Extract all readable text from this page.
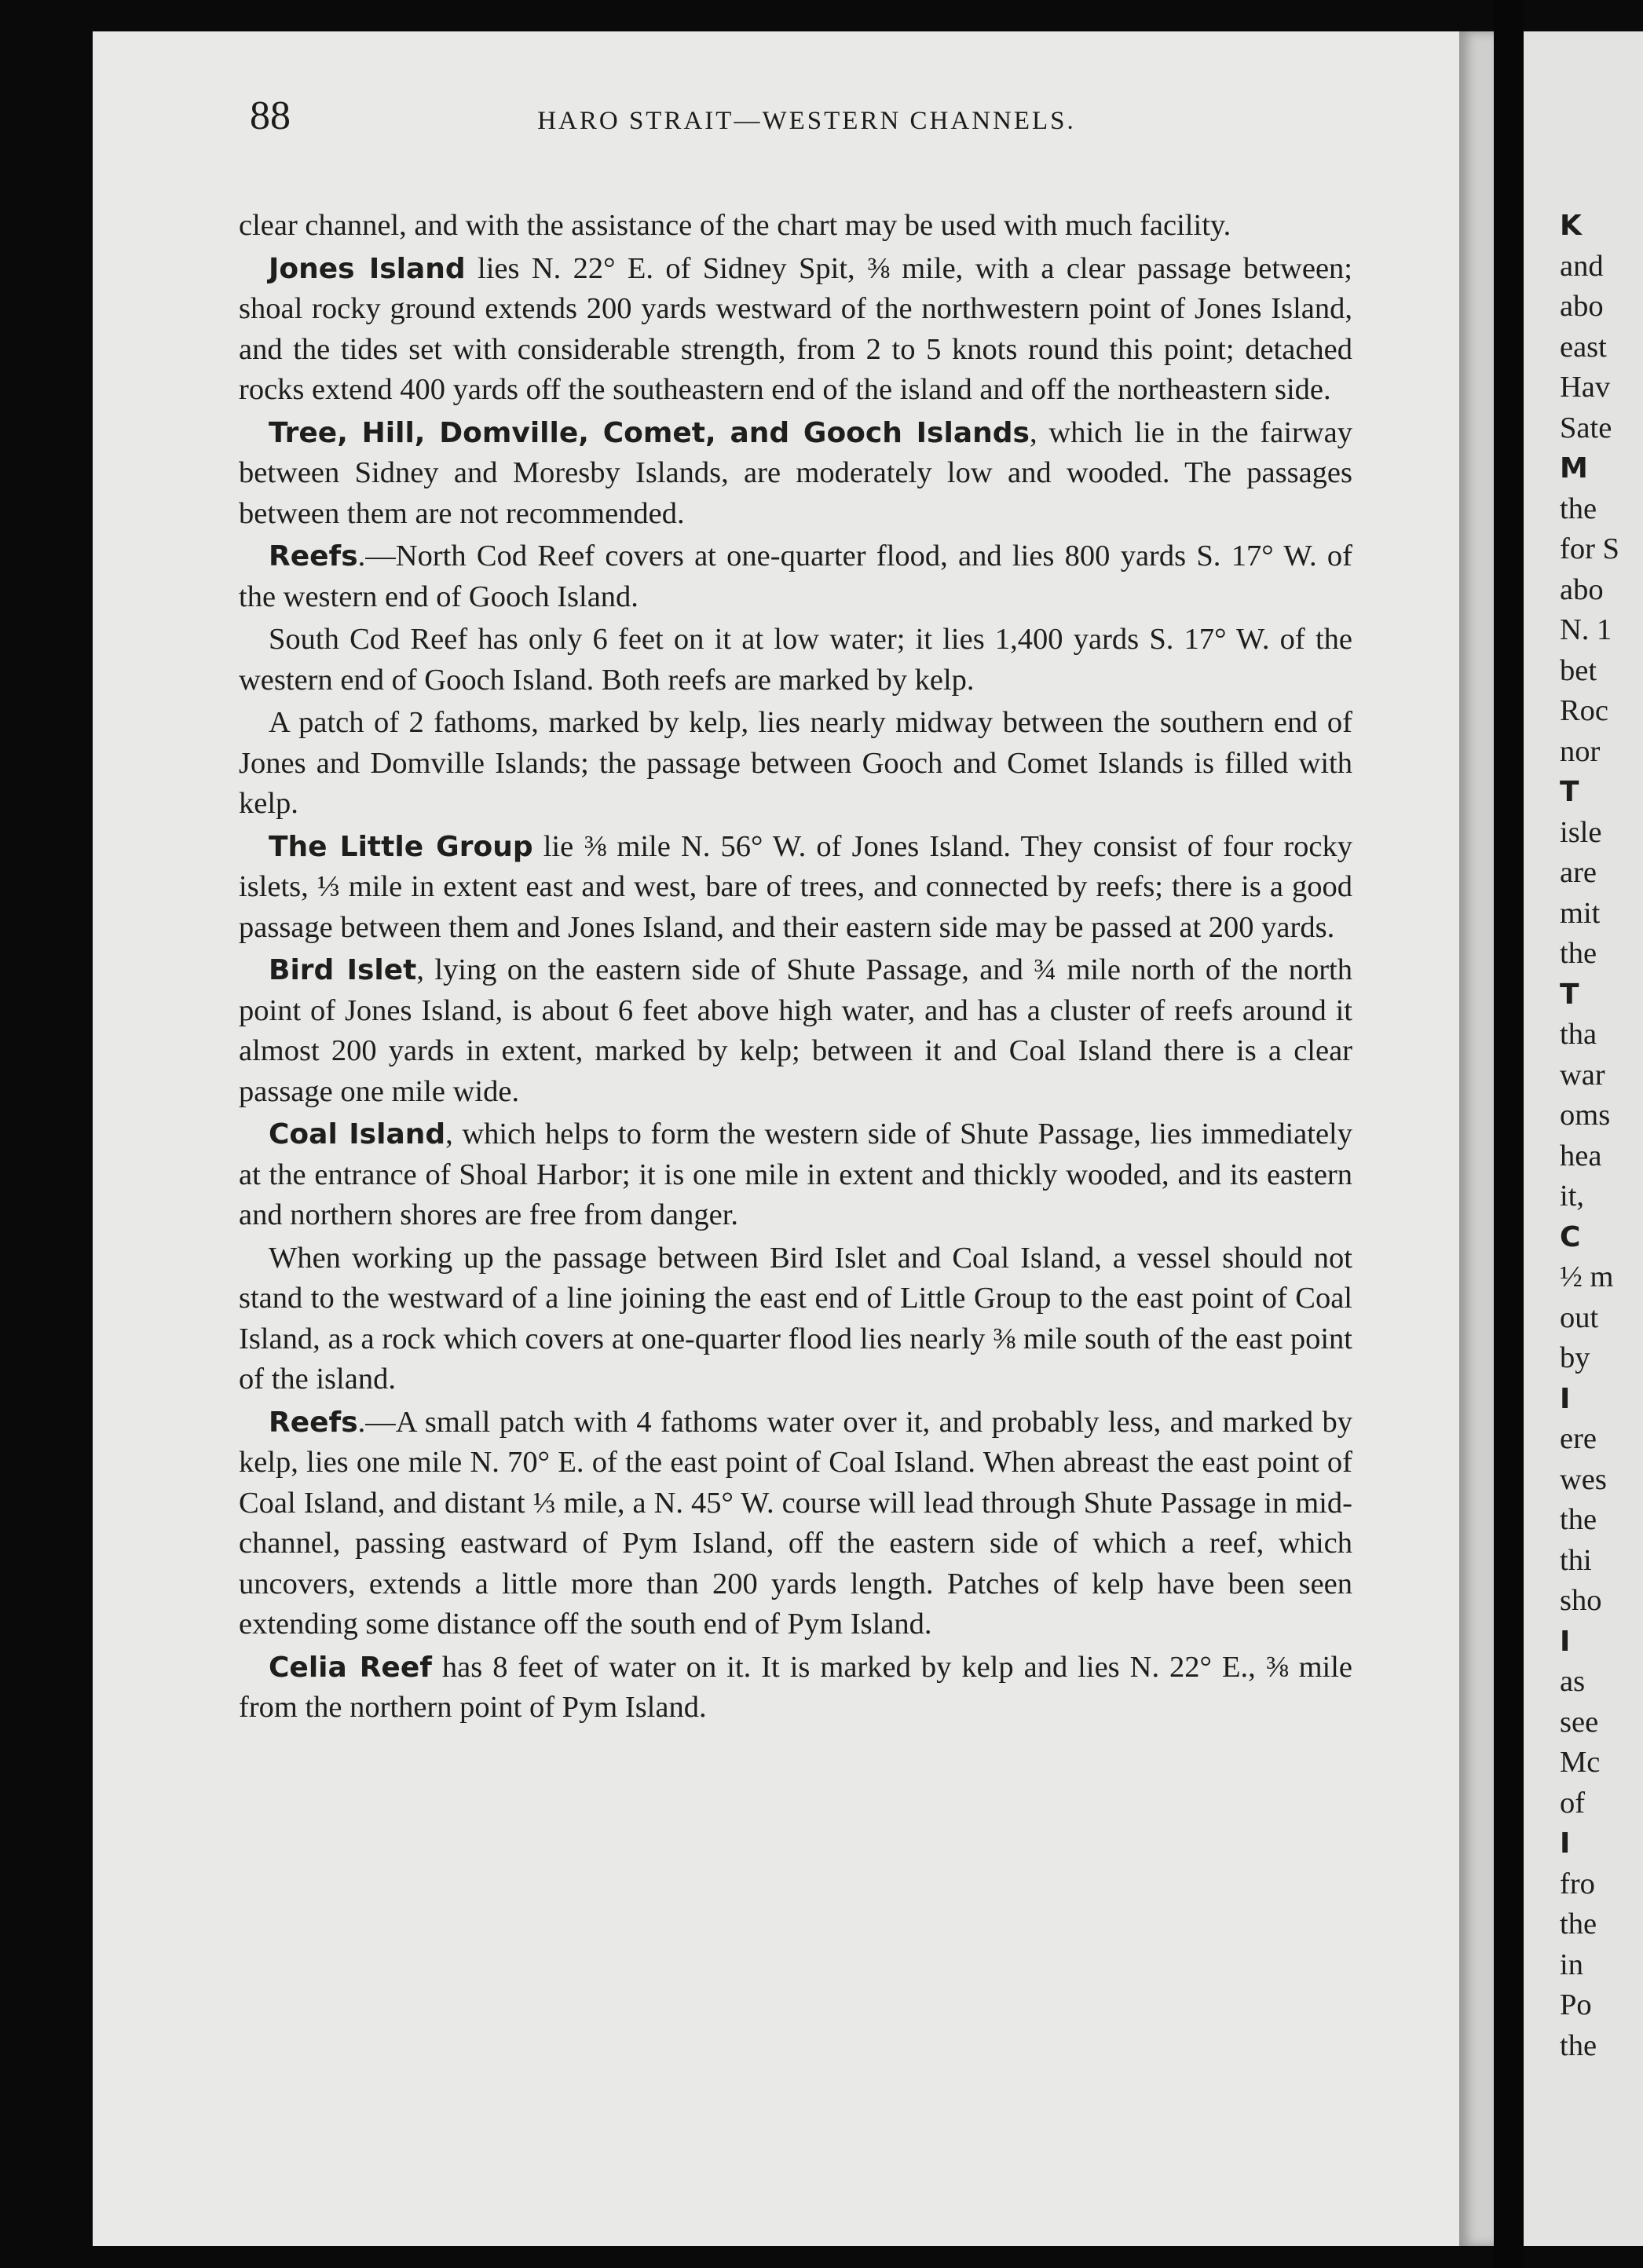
88	HARO STRAIT—WESTERN CHANNELS.

clear channel, and with the assistance of the chart may be used with much facility.

Jones Island lies N. 22° E. of Sidney Spit, ⅜ mile, with a clear passage between; shoal rocky ground extends 200 yards westward of the northwestern point of Jones Island, and the tides set with considerable strength, from 2 to 5 knots round this point; detached rocks extend 400 yards off the southeastern end of the island and off the northeastern side.

Tree, Hill, Domville, Comet, and Gooch Islands, which lie in the fairway between Sidney and Moresby Islands, are moderately low and wooded. The passages between them are not recommended.

Reefs.—North Cod Reef covers at one-quarter flood, and lies 800 yards S. 17° W. of the western end of Gooch Island.

South Cod Reef has only 6 feet on it at low water; it lies 1,400 yards S. 17° W. of the western end of Gooch Island. Both reefs are marked by kelp.

A patch of 2 fathoms, marked by kelp, lies nearly midway between the southern end of Jones and Domville Islands; the passage between Gooch and Comet Islands is filled with kelp.

The Little Group lie ⅜ mile N. 56° W. of Jones Island. They consist of four rocky islets, ⅓ mile in extent east and west, bare of trees, and connected by reefs; there is a good passage between them and Jones Island, and their eastern side may be passed at 200 yards.

Bird Islet, lying on the eastern side of Shute Passage, and ¾ mile north of the north point of Jones Island, is about 6 feet above high water, and has a cluster of reefs around it almost 200 yards in extent, marked by kelp; between it and Coal Island there is a clear passage one mile wide.

Coal Island, which helps to form the western side of Shute Passage, lies immediately at the entrance of Shoal Harbor; it is one mile in extent and thickly wooded, and its eastern and northern shores are free from danger.

When working up the passage between Bird Islet and Coal Island, a vessel should not stand to the westward of a line joining the east end of Little Group to the east point of Coal Island, as a rock which covers at one-quarter flood lies nearly ⅜ mile south of the east point of the island.

Reefs.—A small patch with 4 fathoms water over it, and probably less, and marked by kelp, lies one mile N. 70° E. of the east point of Coal Island. When abreast the east point of Coal Island, and distant ⅓ mile, a N. 45° W. course will lead through Shute Passage in mid-channel, passing eastward of Pym Island, off the eastern side of which a reef, which uncovers, extends a little more than 200 yards length. Patches of kelp have been seen extending some distance off the south end of Pym Island.

Celia Reef has 8 feet of water on it. It is marked by kelp and lies N. 22° E., ⅜ mile from the northern point of Pym Island.

K
and
abo
east
Hav
Sate
M
the
for S
abo
N. 1
bet
Roc
nor
T
isle
are
mit
the
T
tha
war
oms
hea
it,
C
½ m
out
by
I
ere
wes
the
thi
sho
I
as
see
Mc
of
I
fro
the
in
Po
the
